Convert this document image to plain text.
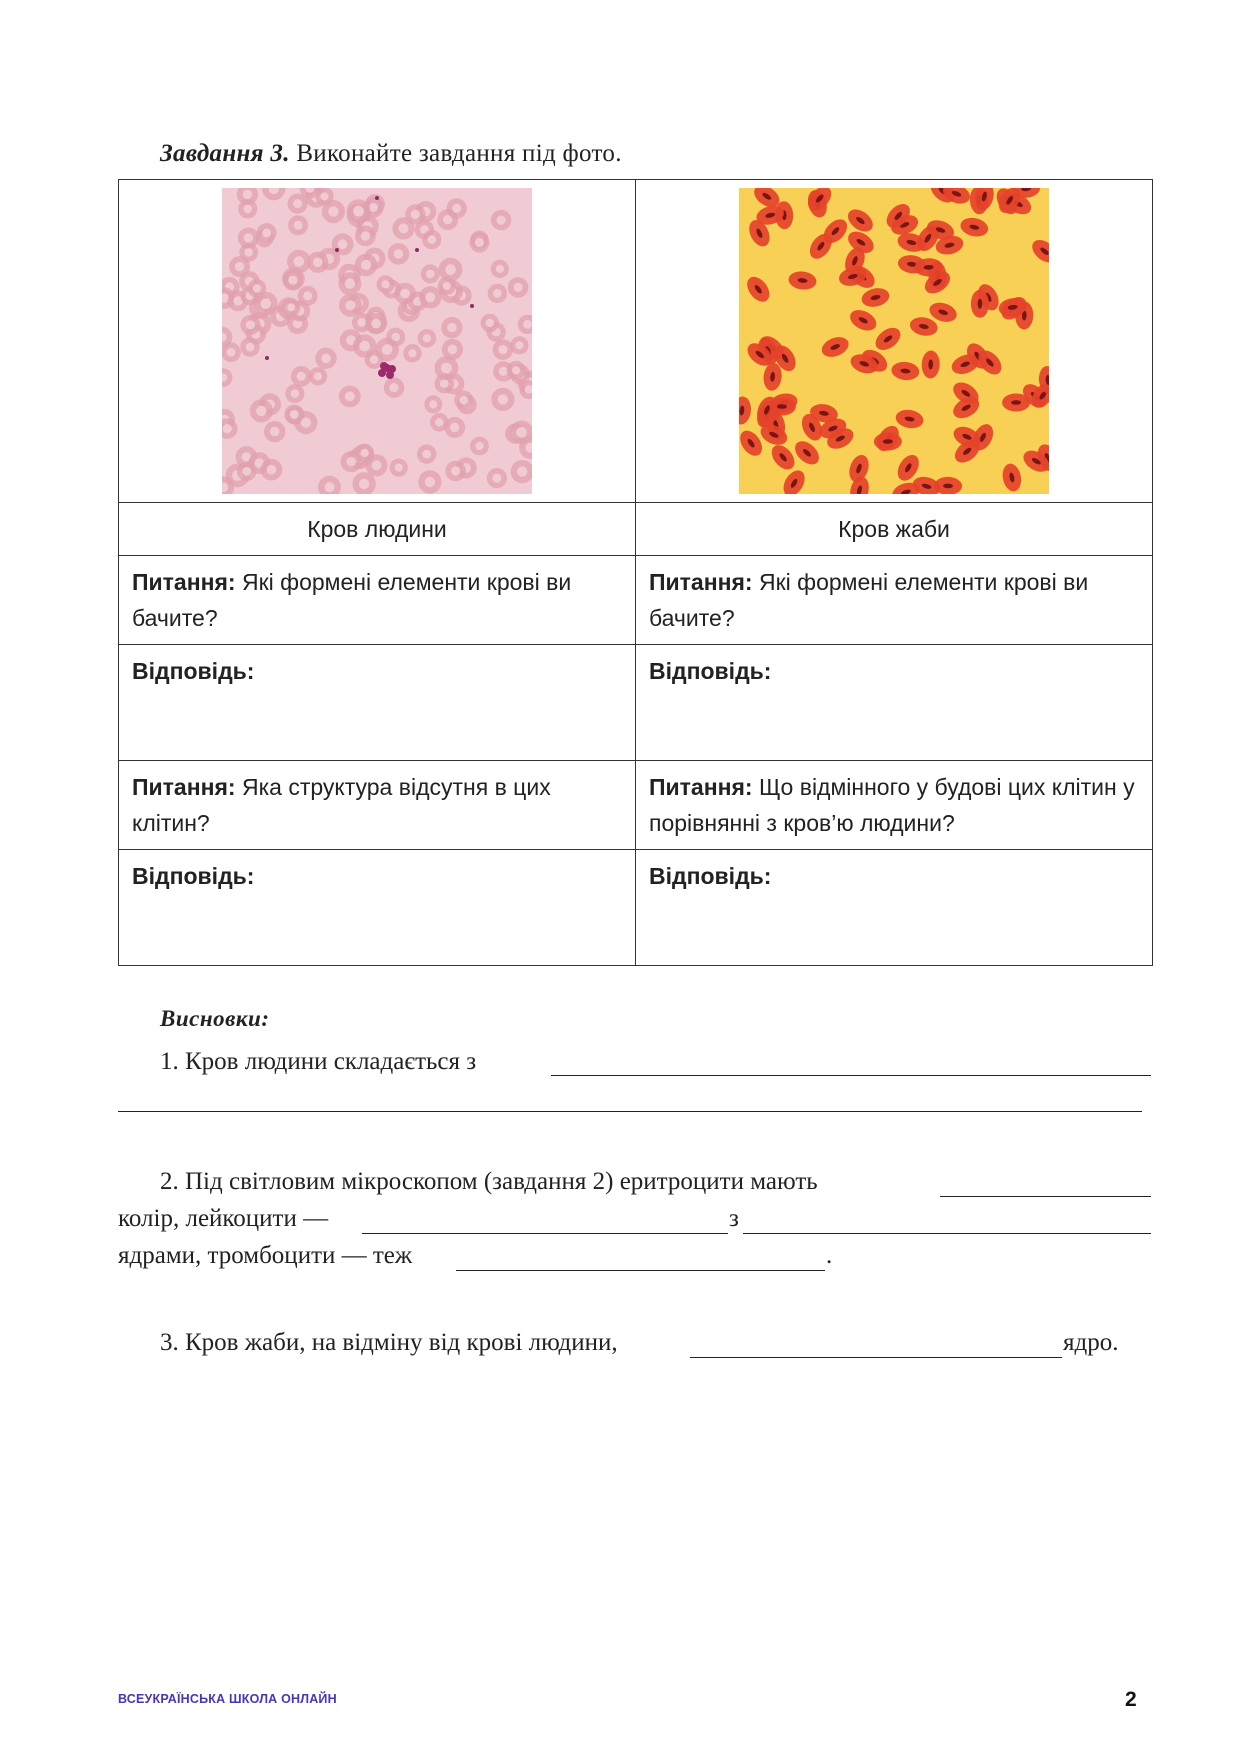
Завдання 3. Виконайте завдання під фото.

Кров людини	Кров жаби
Питання: Які формені елементи крові ви бачите?	Питання: Які формені елементи крові ви бачите?
Відповідь:	Відповідь:
Питання: Яка структура відсутня в цих клітин?	Питання: Що відмінного у будові цих клітин у порівнянні з кров’ю людини?
Відповідь:	Відповідь:
Висновки:
1. Кров людини складається з
2. Під світловим мікроскопом (завдання 2) еритроцити мають
колір, лейкоцити —	з
ядрами, тромбоцити — теж	.
3. Кров жаби, на відміну від крові людини,	ядро.
ВСЕУКРАЇНСЬКА ШКОЛА ОНЛАЙН	2
